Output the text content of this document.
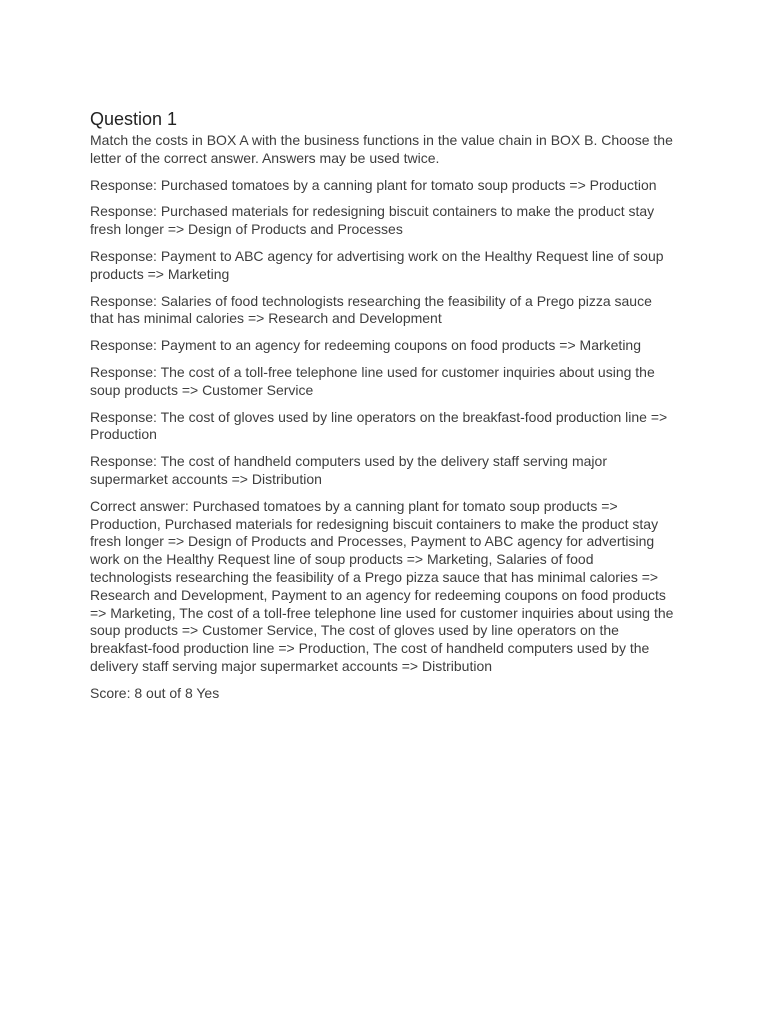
Question 1

Match the costs in BOX A with the business functions in the value chain in BOX B. Choose the letter of the correct answer. Answers may be used twice.

Response: Purchased tomatoes by a canning plant for tomato soup products => Production

Response: Purchased materials for redesigning biscuit containers to make the product stay fresh longer => Design of Products and Processes

Response: Payment to ABC agency for advertising work on the Healthy Request line of soup products => Marketing

Response: Salaries of food technologists researching the feasibility of a Prego pizza sauce that has minimal calories => Research and Development

Response: Payment to an agency for redeeming coupons on food products => Marketing

Response: The cost of a toll-free telephone line used for customer inquiries about using the soup products => Customer Service

Response: The cost of gloves used by line operators on the breakfast-food production line => Production

Response: The cost of handheld computers used by the delivery staff serving major supermarket accounts => Distribution

Correct answer: Purchased tomatoes by a canning plant for tomato soup products => Production, Purchased materials for redesigning biscuit containers to make the product stay fresh longer => Design of Products and Processes, Payment to ABC agency for advertising work on the Healthy Request line of soup products => Marketing, Salaries of food technologists researching the feasibility of a Prego pizza sauce that has minimal calories => Research and Development, Payment to an agency for redeeming coupons on food products => Marketing, The cost of a toll-free telephone line used for customer inquiries about using the soup products => Customer Service, The cost of gloves used by line operators on the breakfast-food production line => Production, The cost of handheld computers used by the delivery staff serving major supermarket accounts => Distribution

Score: 8 out of 8 Yes
